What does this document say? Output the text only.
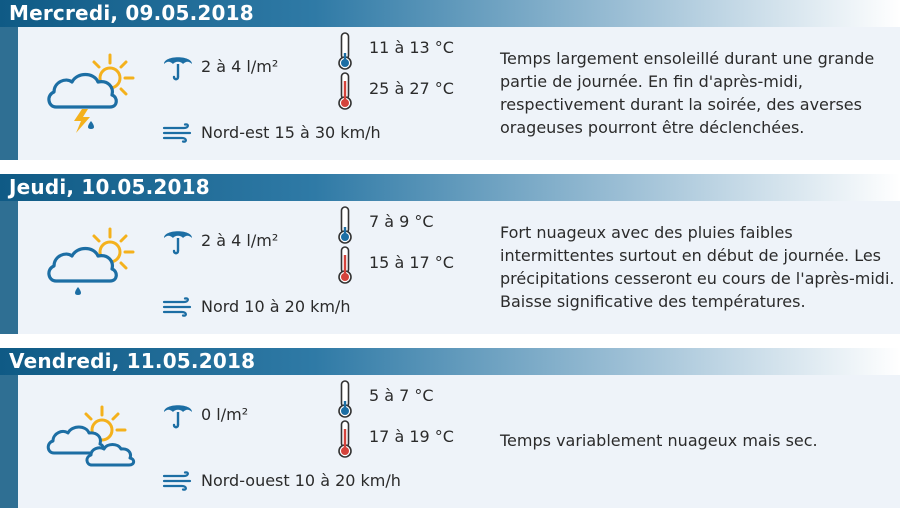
Mercredi, 09.05.2018
2 à 4 l/m²
11 à 13 °C
25 à 27 °C
Nord-est 15 à 30 km/h
Temps largement ensoleillé durant une grande partie de journée. En fin d'après-midi, respectivement durant la soirée, des averses orageuses pourront être déclenchées.
Jeudi, 10.05.2018
2 à 4 l/m²
7 à 9 °C
15 à 17 °C
Nord 10 à 20 km/h
Fort nuageux avec des pluies faibles intermittentes surtout en début de journée. Les précipitations cesseront eu cours de l'après-midi. Baisse significative des températures.
Vendredi, 11.05.2018
0 l/m²
5 à 7 °C
17 à 19 °C
Nord-ouest 10 à 20 km/h
Temps variablement nuageux mais sec.
